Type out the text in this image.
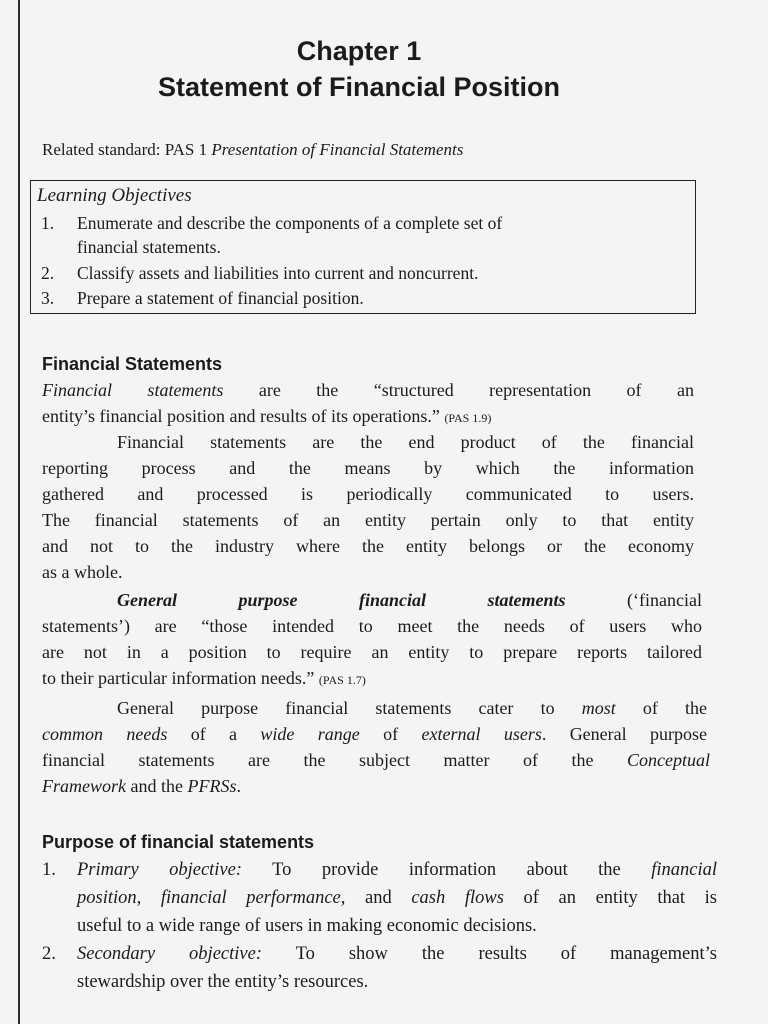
Chapter 1
Statement of Financial Position
Related standard: PAS 1 Presentation of Financial Statements
Learning Objectives
1. Enumerate and describe the components of a complete set of
financial statements.
2. Classify assets and liabilities into current and noncurrent.
3. Prepare a statement of financial position.
Financial Statements
Financial statements are the “structured representation of an
entity’s financial position and results of its operations.” (PAS 1.9)
Financial statements are the end product of the financial
reporting process and the means by which the information
gathered and processed is periodically communicated to users.
The financial statements of an entity pertain only to that entity
and not to the industry where the entity belongs or the economy
as a whole.
General purpose financial statements (‘financial
statements’) are “those intended to meet the needs of users who
are not in a position to require an entity to prepare reports tailored
to their particular information needs.” (PAS 1.7)
General purpose financial statements cater to most of the
common needs of a wide range of external users. General purpose
financial statements are the subject matter of the Conceptual
Framework and the PFRSs.
Purpose of financial statements
1. Primary objective: To provide information about the financial
position, financial performance, and cash flows of an entity that is
useful to a wide range of users in making economic decisions.
2. Secondary objective: To show the results of management’s
stewardship over the entity’s resources.
